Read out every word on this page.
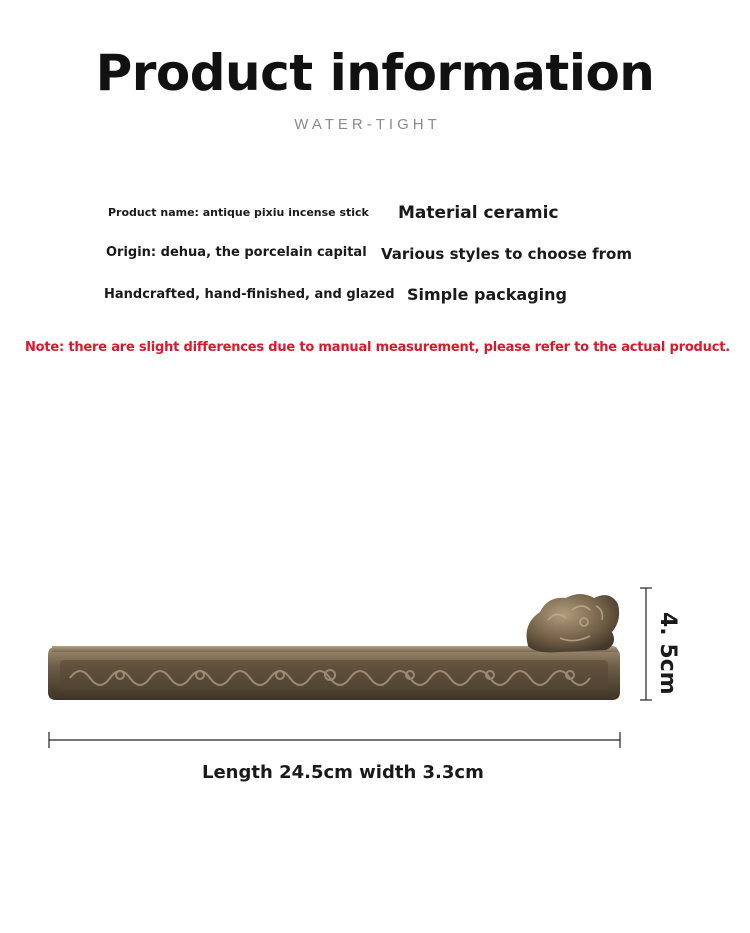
Product information
WATER-TIGHT
Product name: antique pixiu incense stick
Origin: dehua, the porcelain capital
Handcrafted, hand-finished, and glazed
Material ceramic
Various styles to choose from
Simple packaging
Note: there are slight differences due to manual measurement, please refer to the actual product.
4. 5cm
Length 24.5cm width 3.3cm
